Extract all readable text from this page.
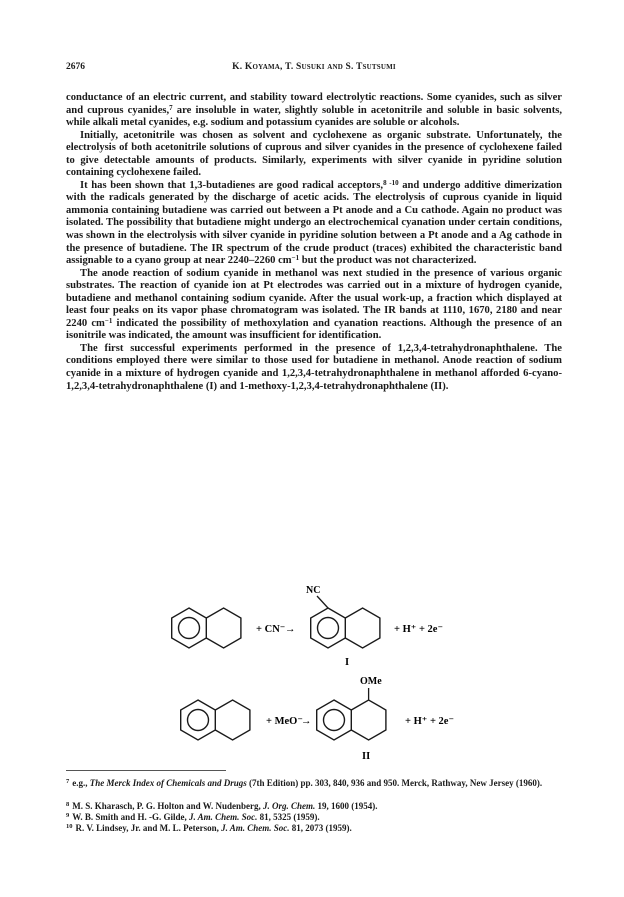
2676	K. Koyama, T. Susuki and S. Tsutsumi

conductance of an electric current, and stability toward electrolytic reactions. Some cyanides, such as silver and cuprous cyanides,$^7$ are insoluble in water, slightly soluble in acetonitrile and soluble in basic solvents, while alkali metal cyanides, e.g. sodium and potassium cyanides are soluble or alcohols.

Initially, acetonitrile was chosen as solvent and cyclohexene as organic substrate. Unfortunately, the electrolysis of both acetonitrile solutions of cuprous and silver cyanides in the presence of cyclohexene failed to give detectable amounts of products. Similarly, experiments with silver cyanide in pyridine solution containing cyclohexene failed.

It has been shown that 1,3-butadienes are good radical acceptors,$^{8 -10}$ and undergo additive dimerization with the radicals generated by the discharge of acetic acids. The electrolysis of cuprous cyanide in liquid ammonia containing butadiene was carried out between a Pt anode and a Cu cathode. Again no product was isolated. The possibility that butadiene might undergo an electrochemical cyanation under certain conditions, was shown in the electrolysis with silver cyanide in pyridine solution between a Pt anode and a Ag cathode in the presence of butadiene. The IR spectrum of the crude product (traces) exhibited the characteristic band assignable to a cyano group at near 2240–2260 $cm^{-1}$ but the product was not characterized.

The anode reaction of sodium cyanide in methanol was next studied in the presence of various organic substrates. The reaction of cyanide ion at Pt electrodes was carried out in a mixture of hydrogen cyanide, butadiene and methanol containing sodium cyanide. After the usual work-up, a fraction which displayed at least four peaks on its vapor phase chromatogram was isolated. The IR bands at 1110, 1670, 2180 and near 2240 $cm^{-1}$ indicated the possibility of methoxylation and cyanation reactions. Although the presence of an isonitrile was indicated, the amount was insufficient for identification.

The first successful experiments performed in the presence of 1,2,3,4-tetrahydronaphthalene. The conditions employed there were similar to those used for butadiene in methanol. Anode reaction of sodium cyanide in a mixture of hydrogen cyanide and 1,2,3,4-tetrahydronaphthalene in methanol afforded 6-cyano-1,2,3,4-tetrahydronaphthalene (I) and 1-methoxy-1,2,3,4-tetrahydronaphthalene (II).

+ CN⁻ →
NC
+ H⁺ + 2e⁻
I
+ MeO⁻
→
OMe
+ H⁺ + 2e⁻
II
$^7$ e.g., The Merck Index of Chemicals and Drugs (7th Edition) pp. 303, 840, 936 and 950. Merck, Rathway, New Jersey (1960).
$^8$ M. S. Kharasch, P. G. Holton and W. Nudenberg, J. Org. Chem. 19, 1600 (1954).
$^9$ W. B. Smith and H. -G. Gilde, J. Am. Chem. Soc. 81, 5325 (1959).
$^{10}$ R. V. Lindsey, Jr. and M. L. Peterson, J. Am. Chem. Soc. 81, 2073 (1959).
